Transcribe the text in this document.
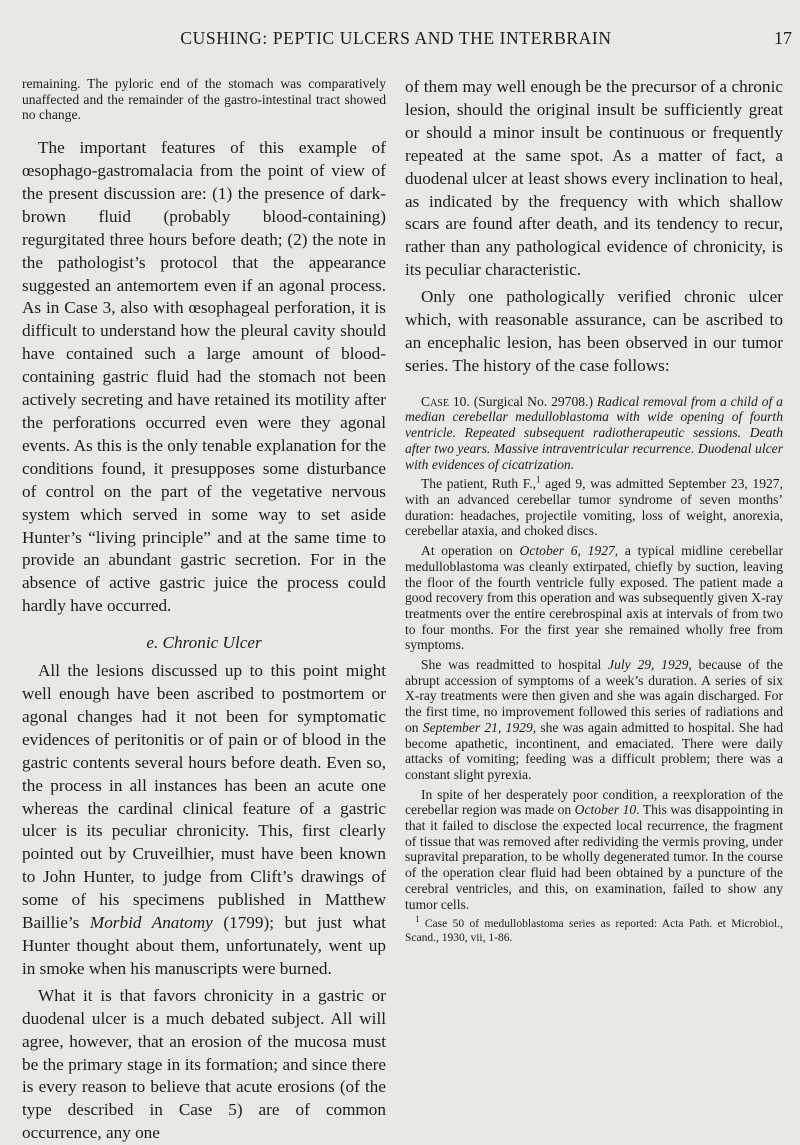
CUSHING: PEPTIC ULCERS AND THE INTERBRAIN	17

remaining. The pyloric end of the stomach was comparatively unaffected and the remainder of the gastro-intestinal tract showed no change.

The important features of this example of œsophago-gastromalacia from the point of view of the present discussion are: (1) the presence of dark-brown fluid (probably blood-containing) regurgitated three hours before death; (2) the note in the pathologist’s protocol that the appearance suggested an antemortem even if an agonal process. As in Case 3, also with œsophageal perforation, it is difficult to understand how the pleural cavity should have contained such a large amount of blood-containing gastric fluid had the stomach not been actively secreting and have retained its motility after the perforations occurred even were they agonal events. As this is the only tenable explanation for the conditions found, it presupposes some disturbance of control on the part of the vegetative nervous system which served in some way to set aside Hunter’s “living principle” and at the same time to provide an abundant gastric secretion. For in the absence of active gastric juice the process could hardly have occurred.

e. Chronic Ulcer

All the lesions discussed up to this point might well enough have been ascribed to postmortem or agonal changes had it not been for symptomatic evidences of peritonitis or of pain or of blood in the gastric contents several hours before death. Even so, the process in all instances has been an acute one whereas the cardinal clinical feature of a gastric ulcer is its peculiar chronicity. This, first clearly pointed out by Cruveilhier, must have been known to John Hunter, to judge from Clift’s drawings of some of his specimens published in Matthew Baillie’s Morbid Anatomy (1799); but just what Hunter thought about them, unfortunately, went up in smoke when his manuscripts were burned.

What it is that favors chronicity in a gastric or duodenal ulcer is a much debated subject. All will agree, however, that an erosion of the mucosa must be the primary stage in its formation; and since there is every reason to believe that acute erosions (of the type described in Case 5) are of common occurrence, any one

of them may well enough be the precursor of a chronic lesion, should the original insult be sufficiently great or should a minor insult be continuous or frequently repeated at the same spot. As a matter of fact, a duodenal ulcer at least shows every inclination to heal, as indicated by the frequency with which shallow scars are found after death, and its tendency to recur, rather than any pathological evidence of chronicity, is its peculiar characteristic.

Only one pathologically verified chronic ulcer which, with reasonable assurance, can be ascribed to an encephalic lesion, has been observed in our tumor series. The history of the case follows:

Case 10. (Surgical No. 29708.) Radical removal from a child of a median cerebellar medulloblastoma with wide opening of fourth ventricle. Repeated subsequent radiotherapeutic sessions. Death after two years. Massive intraventricular recurrence. Duodenal ulcer with evidences of cicatrization.

The patient, Ruth F.,$^1$ aged 9, was admitted September 23, 1927, with an advanced cerebellar tumor syndrome of seven months’ duration: headaches, projectile vomiting, loss of weight, anorexia, cerebellar ataxia, and choked discs.

At operation on October 6, 1927, a typical midline cerebellar medulloblastoma was cleanly extirpated, chiefly by suction, leaving the floor of the fourth ventricle fully exposed. The patient made a good recovery from this operation and was subsequently given X-ray treatments over the entire cerebrospinal axis at intervals of from two to four months. For the first year she remained wholly free from symptoms.

She was readmitted to hospital July 29, 1929, because of the abrupt accession of symptoms of a week’s duration. A series of six X-ray treatments were then given and she was again discharged. For the first time, no improvement followed this series of radiations and on September 21, 1929, she was again admitted to hospital. She had become apathetic, incontinent, and emaciated. There were daily attacks of vomiting; feeding was a difficult problem; there was a constant slight pyrexia.

In spite of her desperately poor condition, a reexploration of the cerebellar region was made on October 10. This was disappointing in that it failed to disclose the expected local recurrence, the fragment of tissue that was removed after redividing the vermis proving, under supravital preparation, to be wholly degenerated tumor. In the course of the operation clear fluid had been obtained by a puncture of the cerebral ventricles, and this, on examination, failed to show any tumor cells.

$^1$ Case 50 of medulloblastoma series as reported: Acta Path. et Microbiol., Scand., 1930, vii, 1-86.
